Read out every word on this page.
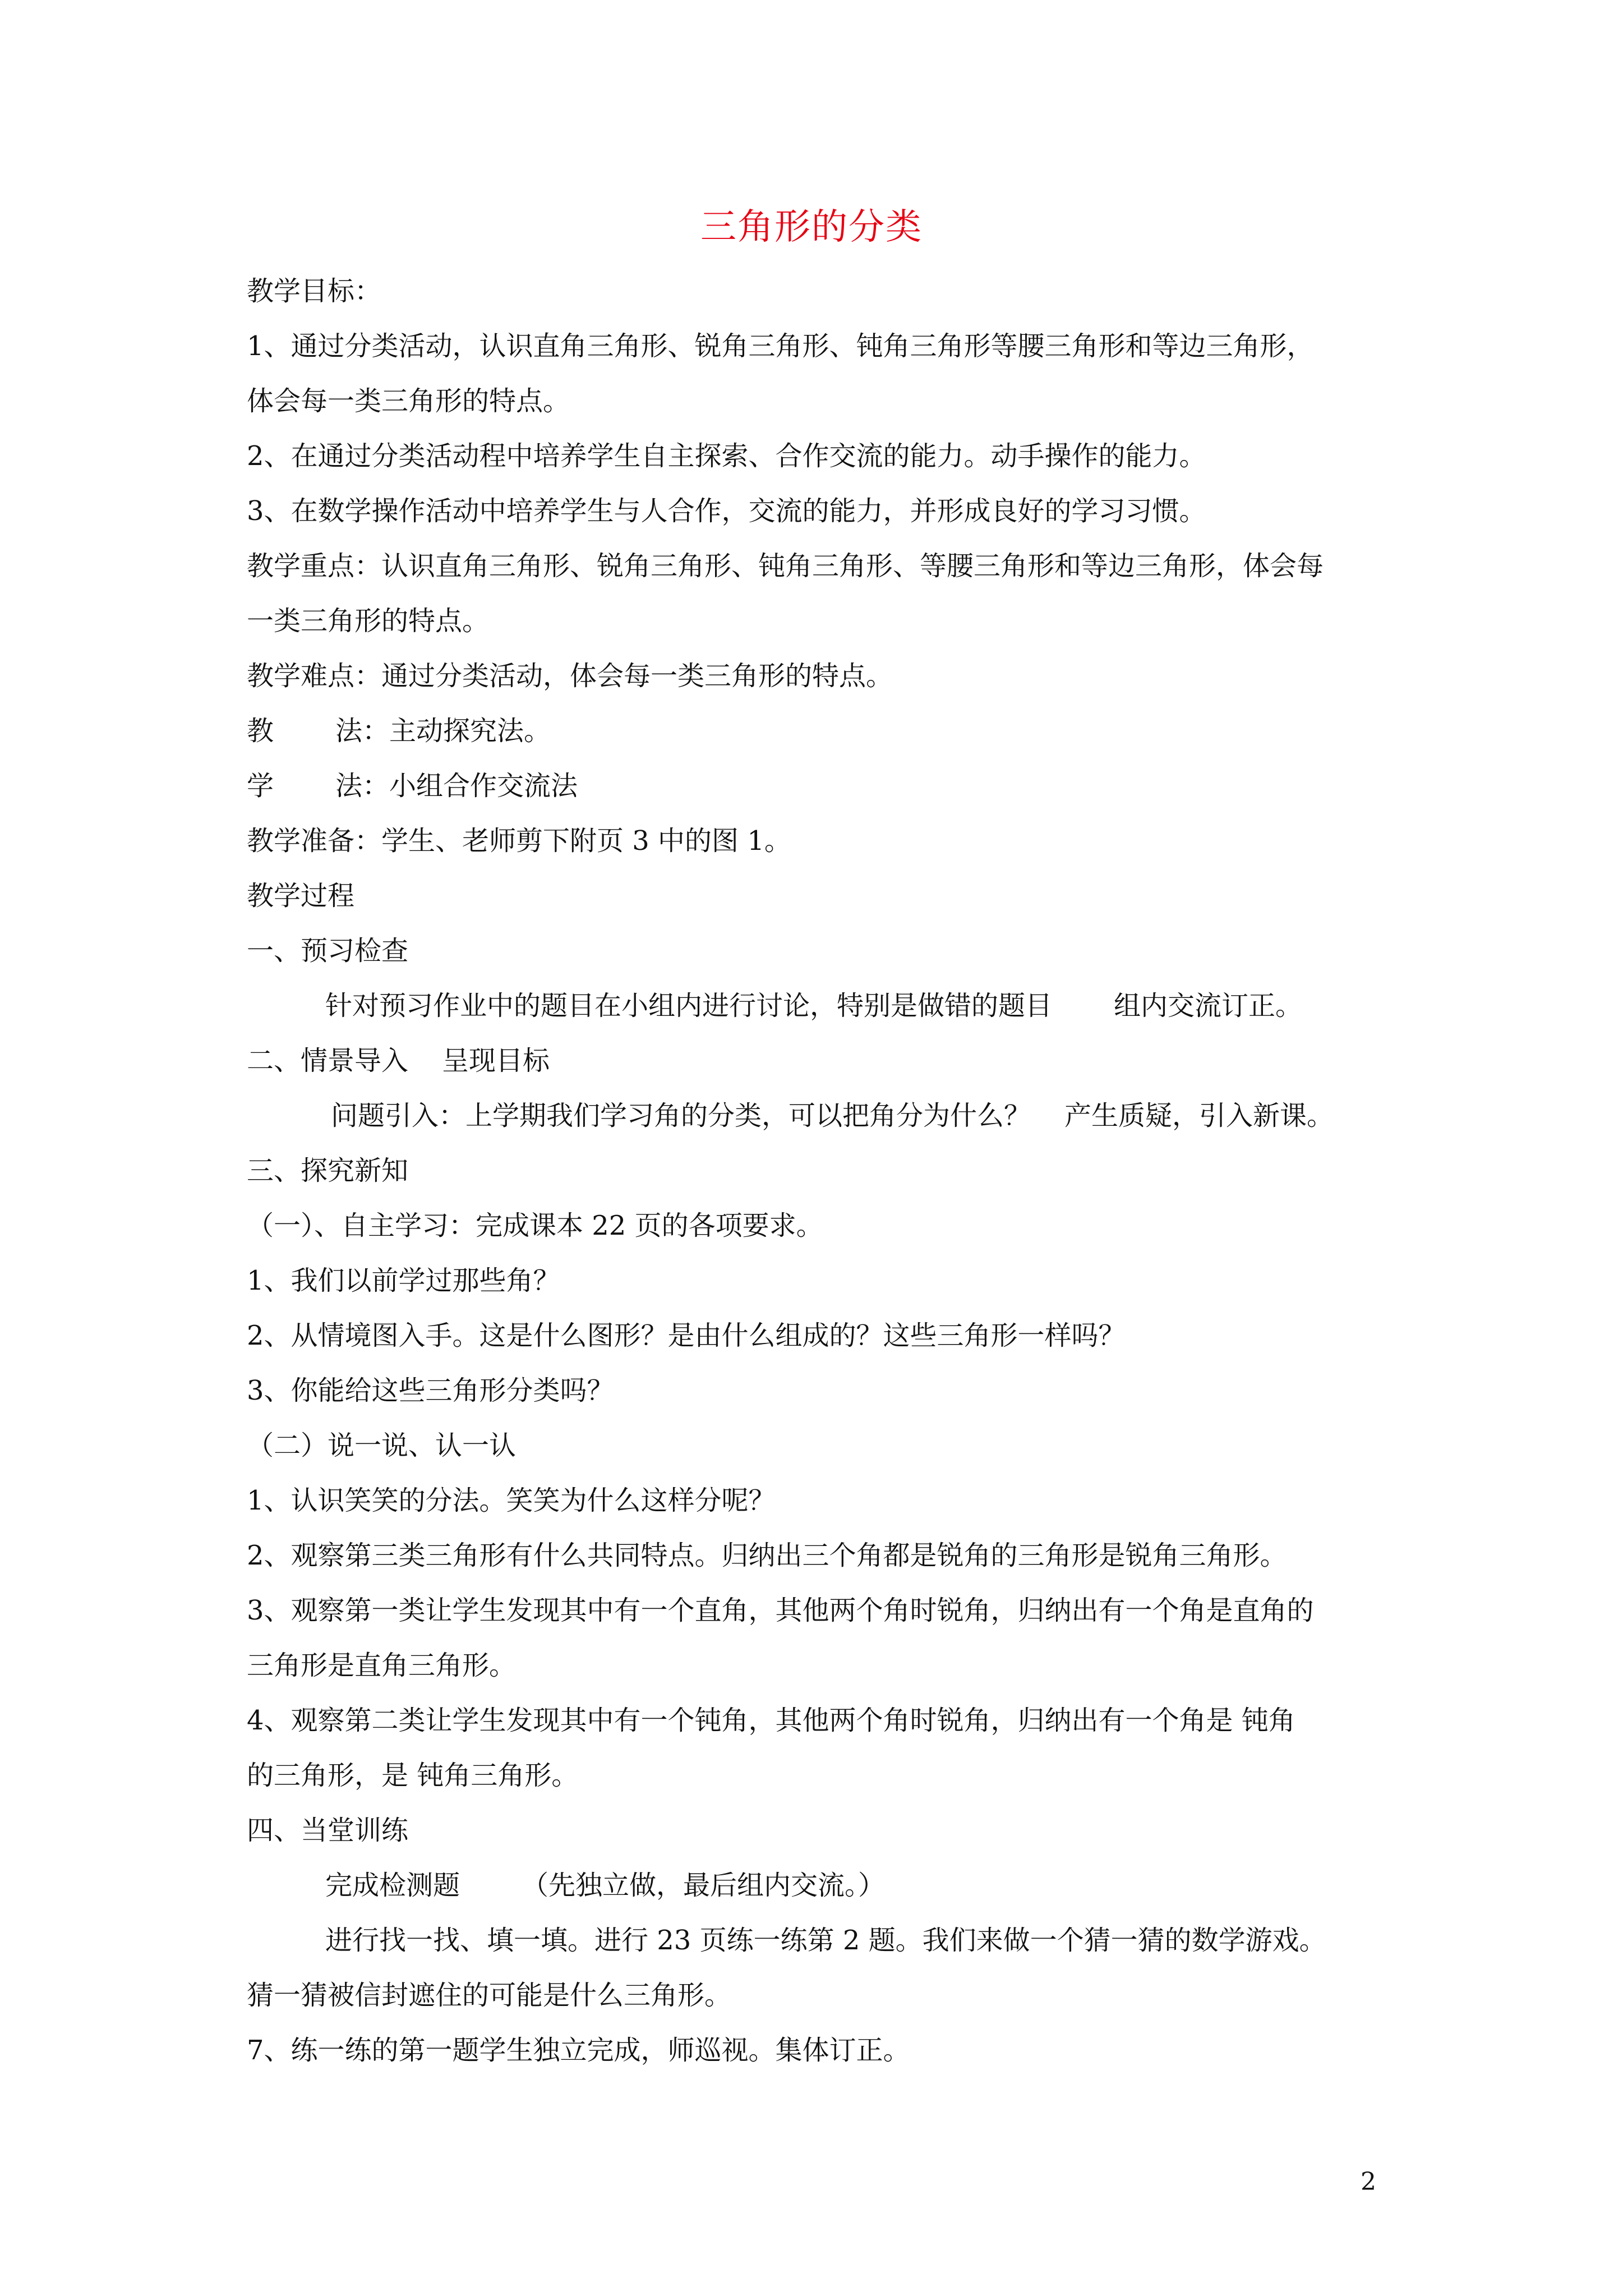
三角形的分类
教学目标：
1、通过分类活动，认识直角三角形、锐角三角形、钝角三角形等腰三角形和等边三角形，
体会每一类三角形的特点。
2、在通过分类活动程中培养学生自主探索、合作交流的能力。动手操作的能力。
3、在数学操作活动中培养学生与人合作，交流的能力，并形成良好的学习习惯。
教学重点：认识直角三角形、锐角三角形、钝角三角形、等腰三角形和等边三角形，体会每
一类三角形的特点。
教学难点：通过分类活动，体会每一类三角形的特点。
教 法：主动探究法。
学 法：小组合作交流法
教学准备：学生、老师剪下附页 3 中的图 1。
教学过程
一、预习检查
针对预习作业中的题目在小组内进行讨论，特别是做错的题目 组内交流订正。
二、情景导入 呈现目标
问题引入：上学期我们学习角的分类，可以把角分为什么？ 产生质疑，引入新课。
三、探究新知
（一）、自主学习：完成课本 22 页的各项要求。
1、我们以前学过那些角？
2、从情境图入手。这是什么图形？是由什么组成的？这些三角形一样吗？
3、你能给这些三角形分类吗？
（二）说一说、认一认
1、认识笑笑的分法。笑笑为什么这样分呢？
2、观察第三类三角形有什么共同特点。归纳出三个角都是锐角的三角形是锐角三角形。
3、观察第一类让学生发现其中有一个直角，其他两个角时锐角，归纳出有一个角是直角的
三角形是直角三角形。
4、观察第二类让学生发现其中有一个钝角，其他两个角时锐角，归纳出有一个角是 钝角
的三角形，是 钝角三角形。
四、当堂训练
完成检测题 （先独立做，最后组内交流。）
进行找一找、填一填。进行 23 页练一练第 2 题。我们来做一个猜一猜的数学游戏。
猜一猜被信封遮住的可能是什么三角形。
7、练一练的第一题学生独立完成，师巡视。集体订正。
2
